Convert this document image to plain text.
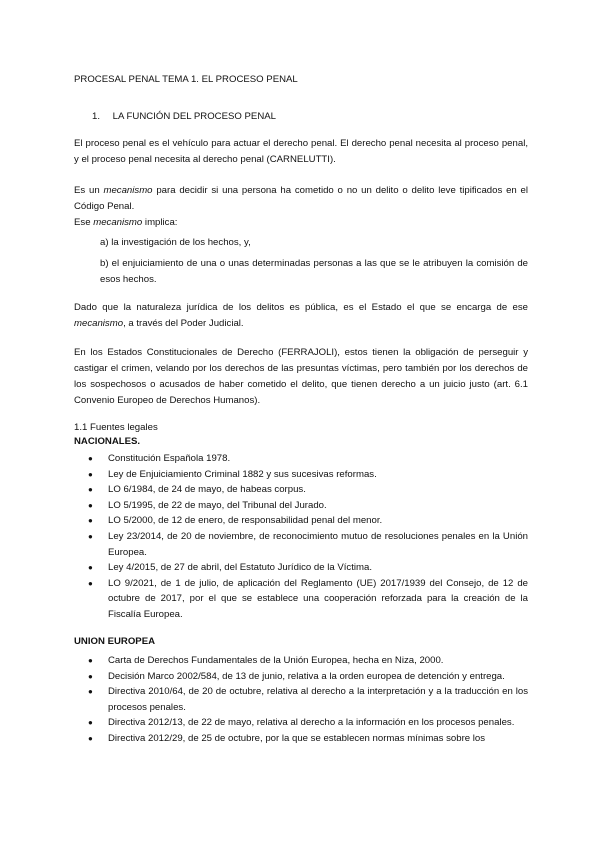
PROCESAL PENAL TEMA 1. EL PROCESO PENAL
1. LA FUNCIÓN DEL PROCESO PENAL

El proceso penal es el vehículo para actuar el derecho penal. El derecho penal necesita al proceso penal, y el proceso penal necesita al derecho penal (CARNELUTTI).

Es un mecanismo para decidir si una persona ha cometido o no un delito o delito leve tipificados en el Código Penal.
Ese mecanismo implica:

a) la investigación de los hechos, y,

b) el enjuiciamiento de una o unas determinadas personas a las que se le atribuyen la comisión de esos hechos.

Dado que la naturaleza jurídica de los delitos es pública, es el Estado el que se encarga de ese mecanismo, a través del Poder Judicial.

En los Estados Constitucionales de Derecho (FERRAJOLI), estos tienen la obligación de perseguir y castigar el crimen, velando por los derechos de las presuntas víctimas, pero también por los derechos de los sospechosos o acusados de haber cometido el delito, que tienen derecho a un juicio justo (art. 6.1 Convenio Europeo de Derechos Humanos).

1.1 Fuentes legales
NACIONALES.
● Constitución Española 1978.
● Ley de Enjuiciamiento Criminal 1882 y sus sucesivas reformas.
● LO 6/1984, de 24 de mayo, de habeas corpus.
● LO 5/1995, de 22 de mayo, del Tribunal del Jurado.
● LO 5/2000, de 12 de enero, de responsabilidad penal del menor.
● Ley 23/2014, de 20 de noviembre, de reconocimiento mutuo de resoluciones penales en la Unión Europea.
● Ley 4/2015, de 27 de abril, del Estatuto Jurídico de la Víctima.
● LO 9/2021, de 1 de julio, de aplicación del Reglamento (UE) 2017/1939 del Consejo, de 12 de octubre de 2017, por el que se establece una cooperación reforzada para la creación de la Fiscalía Europea.
UNION EUROPEA
● Carta de Derechos Fundamentales de la Unión Europea, hecha en Niza, 2000.
● Decisión Marco 2002/584, de 13 de junio, relativa a la orden europea de detención y entrega.
● Directiva 2010/64, de 20 de octubre, relativa al derecho a la interpretación y a la traducción en los procesos penales.
● Directiva 2012/13, de 22 de mayo, relativa al derecho a la información en los procesos penales.
● Directiva 2012/29, de 25 de octubre, por la que se establecen normas mínimas sobre los
